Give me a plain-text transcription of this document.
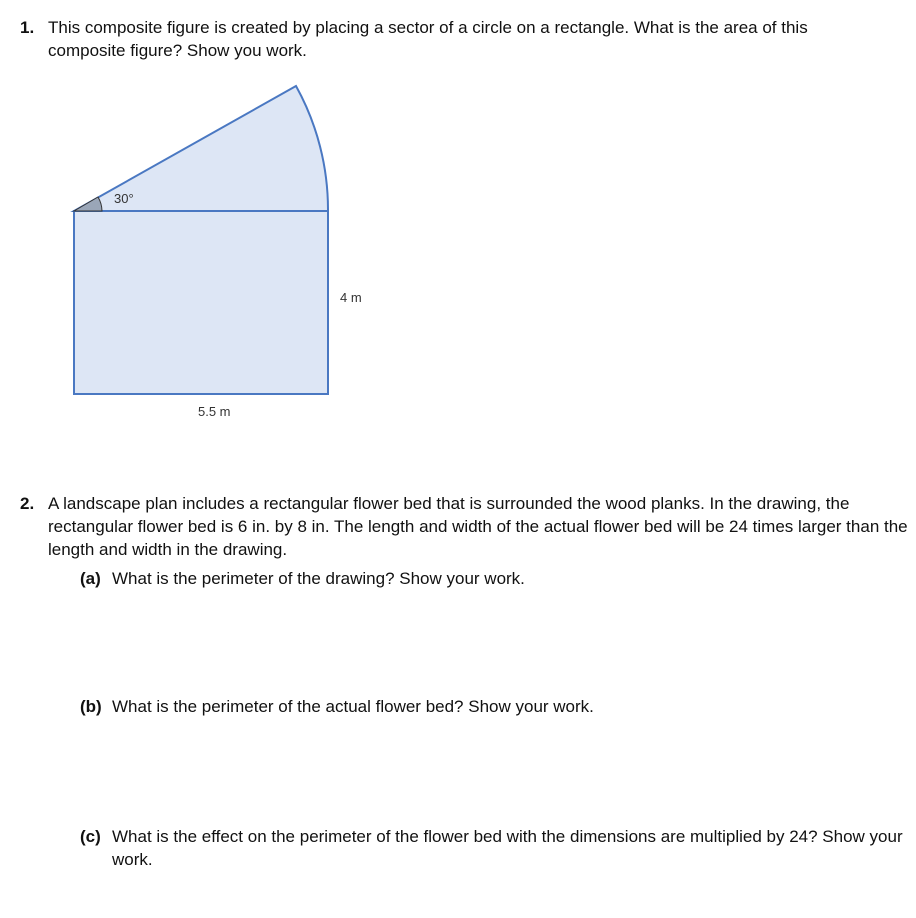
1. This composite figure is created by placing a sector of a circle on a rectangle. What is the area of this composite figure? Show you work.
30°
4 m
5.5 m
2. A landscape plan includes a rectangular flower bed that is surrounded the wood planks. In the drawing, the rectangular flower bed is 6 in. by 8 in. The length and width of the actual flower bed will be 24 times larger than the length and width in the drawing.
(a) What is the perimeter of the drawing? Show your work.
(b) What is the perimeter of the actual flower bed? Show your work.
(c) What is the effect on the perimeter of the flower bed with the dimensions are multiplied by 24? Show your work.
